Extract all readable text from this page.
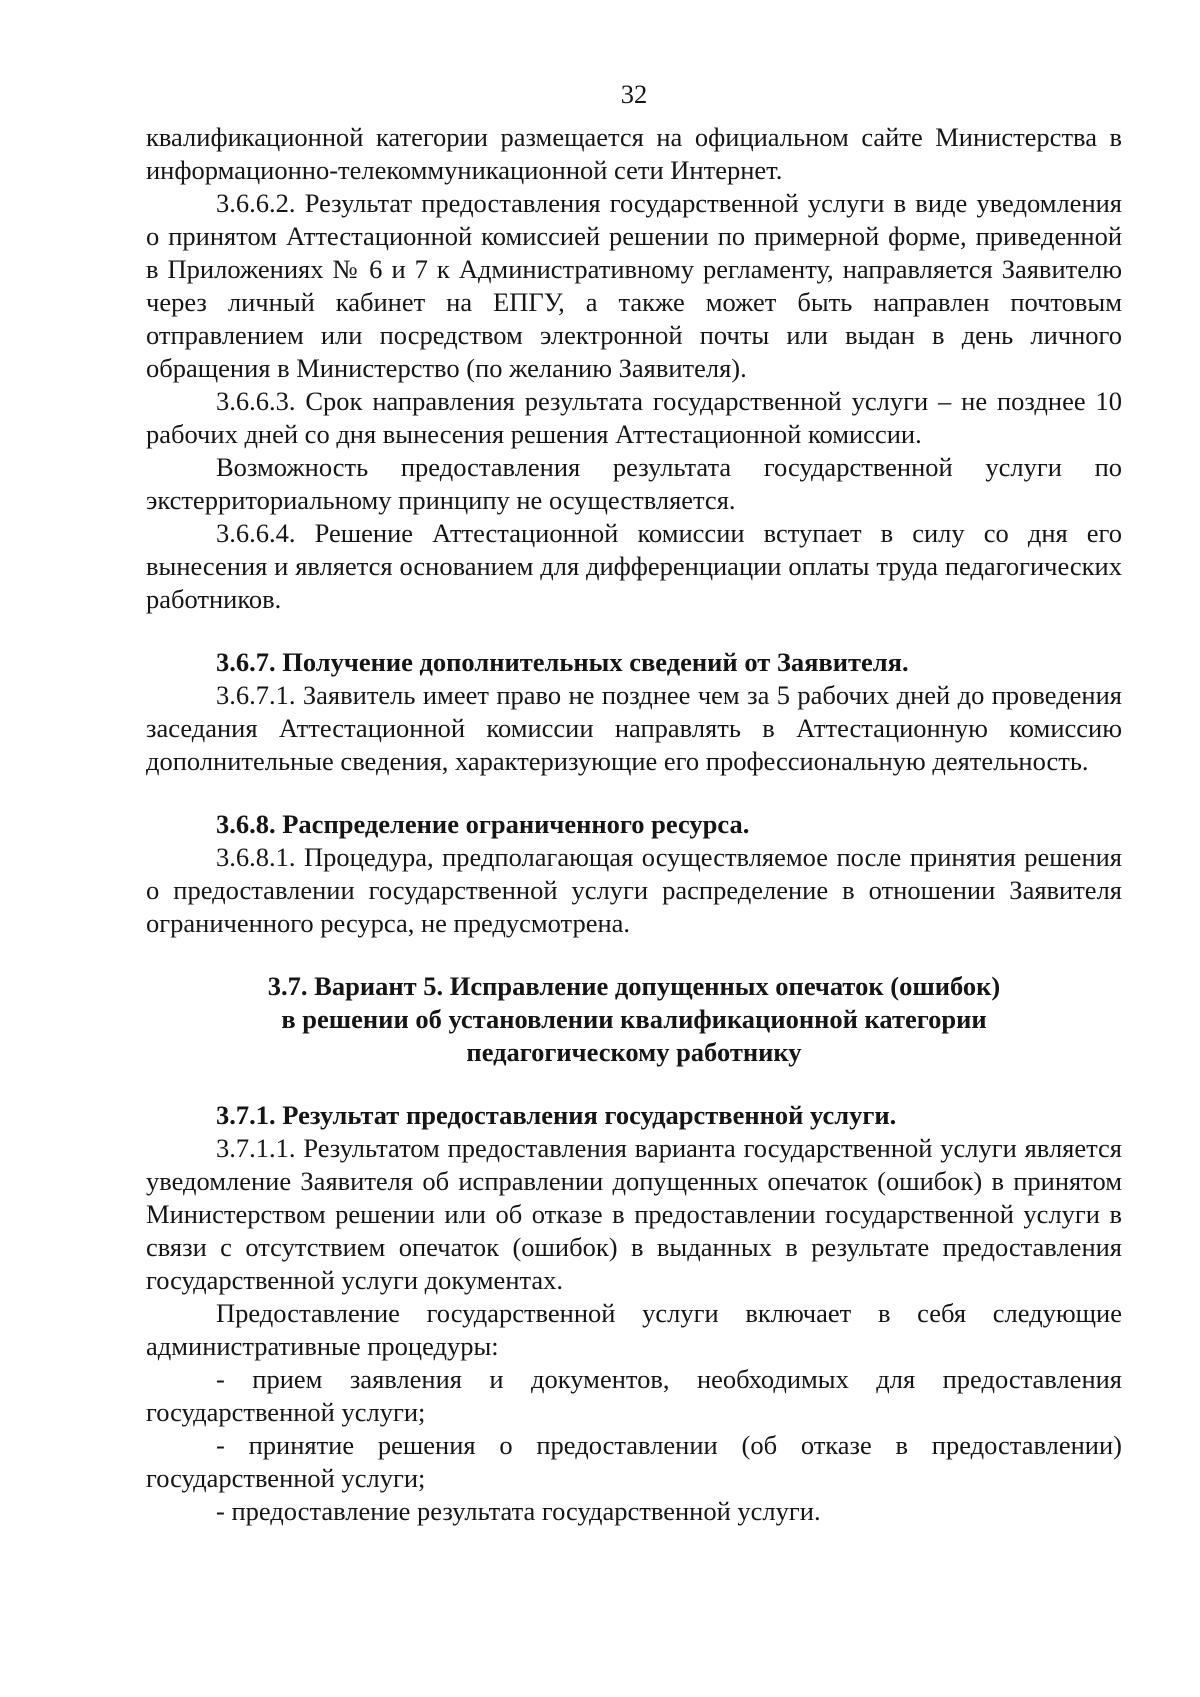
32

квалификационной категории размещается на официальном сайте Министерства в информационно-телекоммуникационной сети Интернет.

3.6.6.2. Результат предоставления государственной услуги в виде уведомления о принятом Аттестационной комиссией решении по примерной форме, приведенной в Приложениях № 6 и 7 к Административному регламенту, направляется Заявителю через личный кабинет на ЕПГУ, а также может быть направлен почтовым отправлением или посредством электронной почты или выдан в день личного обращения в Министерство (по желанию Заявителя).

3.6.6.3. Срок направления результата государственной услуги – не позднее 10 рабочих дней со дня вынесения решения Аттестационной комиссии.

Возможность предоставления результата государственной услуги по экстерриториальному принципу не осуществляется.

3.6.6.4. Решение Аттестационной комиссии вступает в силу со дня его вынесения и является основанием для дифференциации оплаты труда педагогических работников.

3.6.7. Получение дополнительных сведений от Заявителя.

3.6.7.1. Заявитель имеет право не позднее чем за 5 рабочих дней до проведения заседания Аттестационной комиссии направлять в Аттестационную комиссию дополнительные сведения, характеризующие его профессиональную деятельность.

3.6.8. Распределение ограниченного ресурса.

3.6.8.1. Процедура, предполагающая осуществляемое после принятия решения о предоставлении государственной услуги распределение в отношении Заявителя ограниченного ресурса, не предусмотрена.

3.7. Вариант 5. Исправление допущенных опечаток (ошибок)
в решении об установлении квалификационной категории
педагогическому работнику

3.7.1. Результат предоставления государственной услуги.

3.7.1.1. Результатом предоставления варианта государственной услуги является уведомление Заявителя об исправлении допущенных опечаток (ошибок) в принятом Министерством решении или об отказе в предоставлении государственной услуги в связи с отсутствием опечаток (ошибок) в выданных в результате предоставления государственной услуги документах.

Предоставление государственной услуги включает в себя следующие административные процедуры:

- прием заявления и документов, необходимых для предоставления государственной услуги;

- принятие решения о предоставлении (об отказе в предоставлении) государственной услуги;

- предоставление результата государственной услуги.
